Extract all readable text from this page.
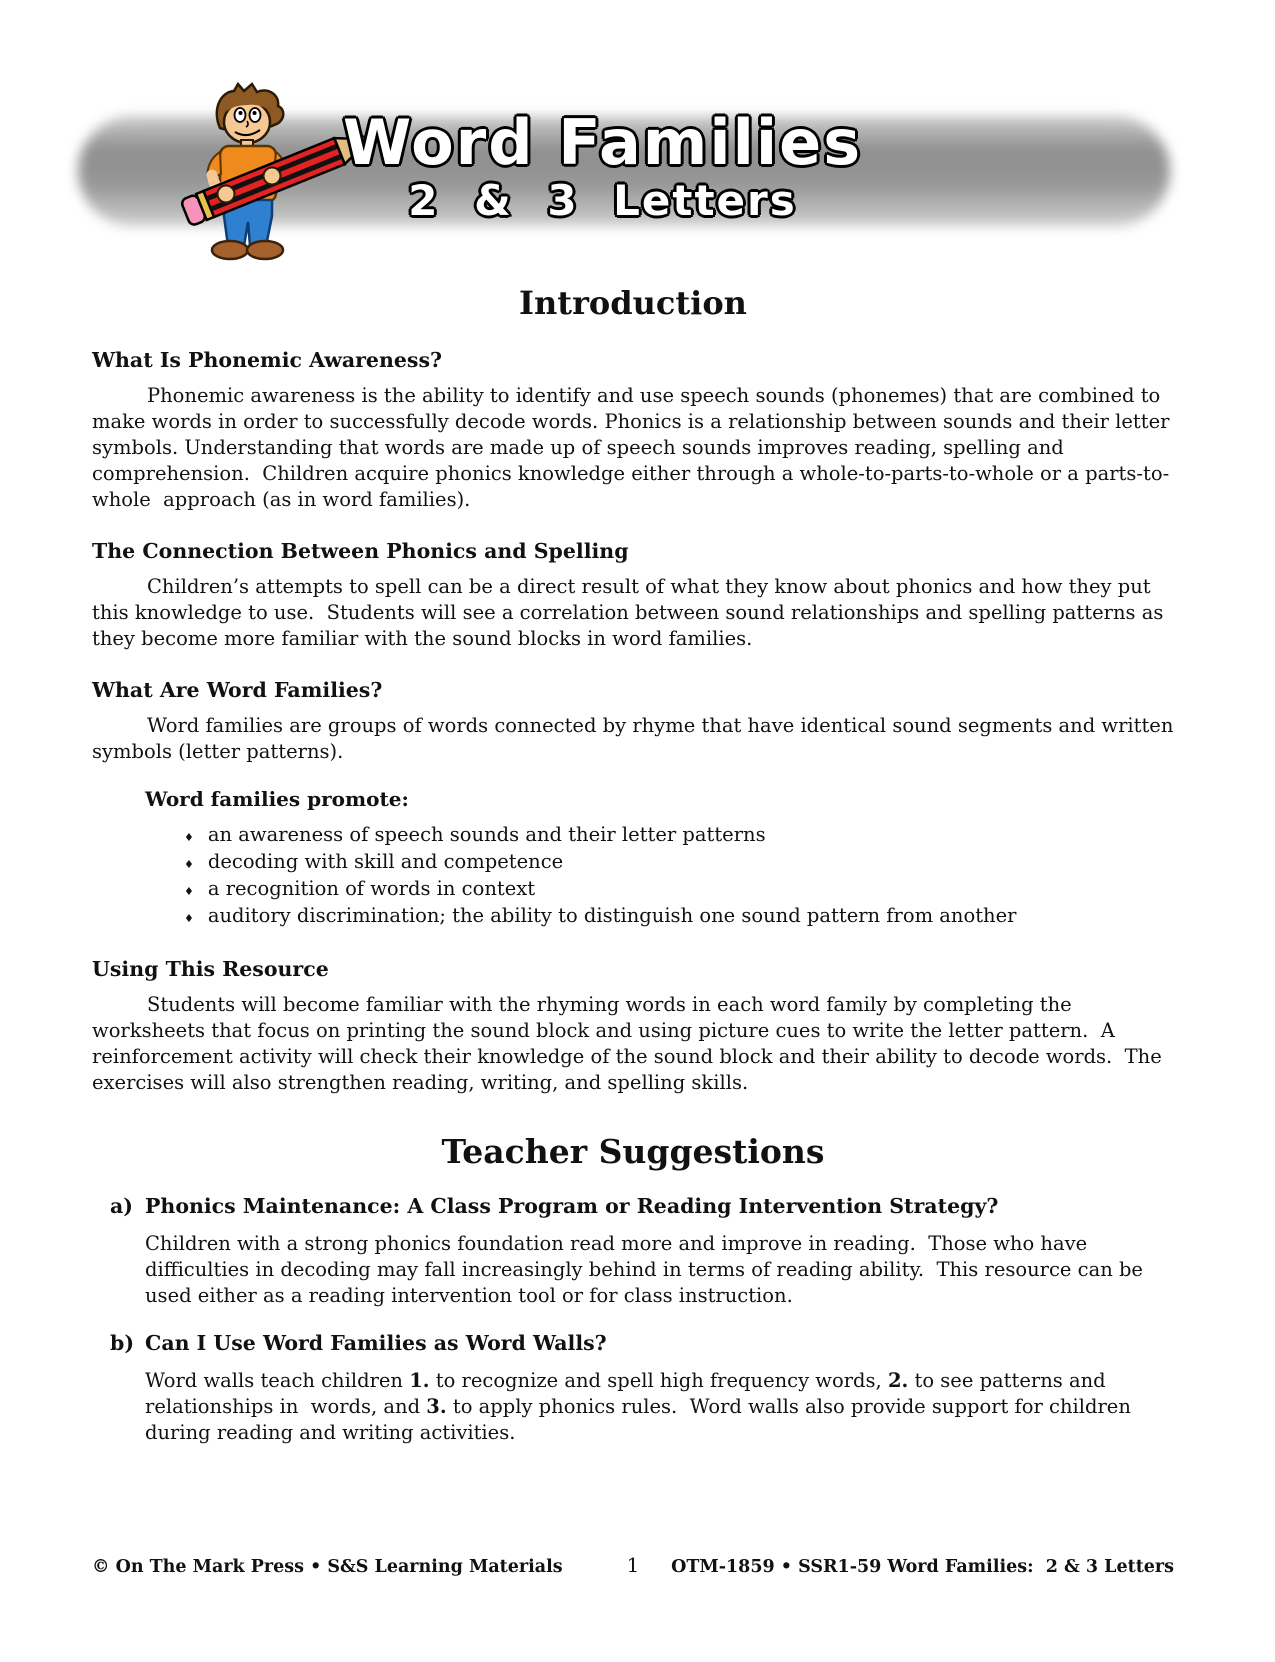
Word Families
2 & 3 Letters
Introduction
What Is Phonemic Awareness?

Phonemic awareness is the ability to identify and use speech sounds (phonemes) that are combined to make words in order to successfully decode words. Phonics is a relationship between sounds and their letter symbols. Understanding that words are made up of speech sounds improves reading, spelling and comprehension.  Children acquire phonics knowledge either through a whole-to-parts-to-whole or a parts-to-whole  approach (as in word families).

The Connection Between Phonics and Spelling

Children’s attempts to spell can be a direct result of what they know about phonics and how they put this knowledge to use.  Students will see a correlation between sound relationships and spelling patterns as they become more familiar with the sound blocks in word families.

What Are Word Families?

Word families are groups of words connected by rhyme that have identical sound segments and written symbols (letter patterns).

Word families promote:
♦ an awareness of speech sounds and their letter patterns
♦ decoding with skill and competence
♦ a recognition of words in context
♦ auditory discrimination; the ability to distinguish one sound pattern from another
Using This Resource

Students will become familiar with the rhyming words in each word family by completing the worksheets that focus on printing the sound block and using picture cues to write the letter pattern.  A reinforcement activity will check their knowledge of the sound block and their ability to decode words.  The exercises will also strengthen reading, writing, and spelling skills.

Teacher Suggestions
a) Phonics Maintenance: A Class Program or Reading Intervention Strategy?

Children with a strong phonics foundation read more and improve in reading.  Those who have difficulties in decoding may fall increasingly behind in terms of reading ability.  This resource can be used either as a reading intervention tool or for class instruction.

b) Can I Use Word Families as Word Walls?

Word walls teach children 1. to recognize and spell high frequency words, 2. to see patterns and relationships in  words, and 3. to apply phonics rules.  Word walls also provide support for children during reading and writing activities.

© On The Mark Press • S&S Learning Materials	1	OTM-1859 • SSR1-59 Word Families:  2 & 3 Letters
